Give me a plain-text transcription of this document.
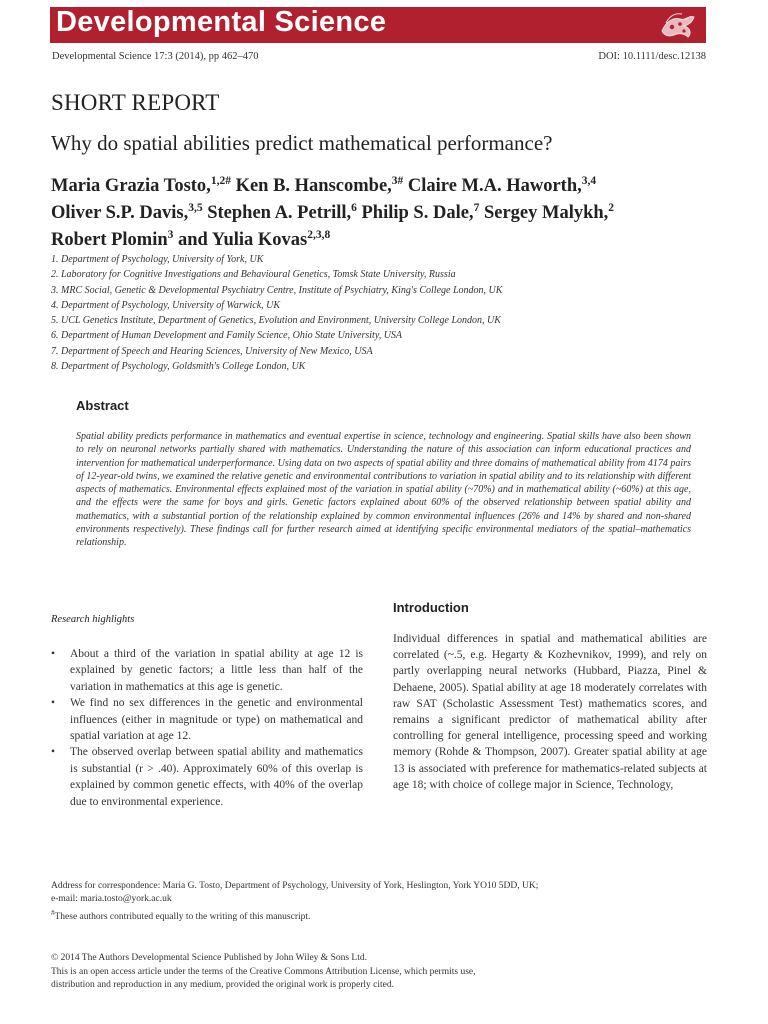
Developmental Science
Developmental Science 17:3 (2014), pp 462–470	DOI: 10.1111/desc.12138
SHORT REPORT
Why do spatial abilities predict mathematical performance?
Maria Grazia Tosto,$^{1,2\#}$ Ken B. Hanscombe,$^{3\#}$ Claire M.A. Haworth,$^{3,4}$
Oliver S.P. Davis,$^{3,5}$ Stephen A. Petrill,$^6$ Philip S. Dale,$^7$ Sergey Malykh,$^2$
Robert Plomin$^3$ and Yulia Kovas$^{2,3,8}$
1. Department of Psychology, University of York, UK
2. Laboratory for Cognitive Investigations and Behavioural Genetics, Tomsk State University, Russia
3. MRC Social, Genetic & Developmental Psychiatry Centre, Institute of Psychiatry, King's College London, UK
4. Department of Psychology, University of Warwick, UK
5. UCL Genetics Institute, Department of Genetics, Evolution and Environment, University College London, UK
6. Department of Human Development and Family Science, Ohio State University, USA
7. Department of Speech and Hearing Sciences, University of New Mexico, USA
8. Department of Psychology, Goldsmith's College London, UK
Abstract
Spatial ability predicts performance in mathematics and eventual expertise in science, technology and engineering. Spatial skills have also been shown to rely on neuronal networks partially shared with mathematics. Understanding the nature of this association can inform educational practices and intervention for mathematical underperformance. Using data on two aspects of spatial ability and three domains of mathematical ability from 4174 pairs of 12-year-old twins, we examined the relative genetic and environmental contributions to variation in spatial ability and to its relationship with different aspects of mathematics. Environmental effects explained most of the variation in spatial ability (~70%) and in mathematical ability (~60%) at this age, and the effects were the same for boys and girls. Genetic factors explained about 60% of the observed relationship between spatial ability and mathematics, with a substantial portion of the relationship explained by common environmental influences (26% and 14% by shared and non-shared environments respectively). These findings call for further research aimed at identifying specific environmental mediators of the spatial–mathematics relationship.
Research highlights
• About a third of the variation in spatial ability at age 12 is explained by genetic factors; a little less than half of the variation in mathematics at this age is genetic.
• We find no sex differences in the genetic and environmental influences (either in magnitude or type) on mathematical and spatial variation at age 12.
• The observed overlap between spatial ability and mathematics is substantial (r > .40). Approximately 60% of this overlap is explained by common genetic effects, with 40% of the overlap due to environmental experience.
Introduction
Individual differences in spatial and mathematical abilities are correlated (~.5, e.g. Hegarty & Kozhevnikov, 1999), and rely on partly overlapping neural networks (Hubbard, Piazza, Pinel & Dehaene, 2005). Spatial ability at age 18 moderately correlates with raw SAT (Scholastic Assessment Test) mathematics scores, and remains a significant predictor of mathematical ability after controlling for general intelligence, processing speed and working memory (Rohde & Thompson, 2007). Greater spatial ability at age 13 is associated with preference for mathematics-related subjects at age 18; with choice of college major in Science, Technology,
Address for correspondence: Maria G. Tosto, Department of Psychology, University of York, Heslington, York YO10 5DD, UK;
e-mail: maria.tosto@york.ac.uk
#These authors contributed equally to the writing of this manuscript.
© 2014 The Authors Developmental Science Published by John Wiley & Sons Ltd.
This is an open access article under the terms of the Creative Commons Attribution License, which permits use,
distribution and reproduction in any medium, provided the original work is properly cited.
